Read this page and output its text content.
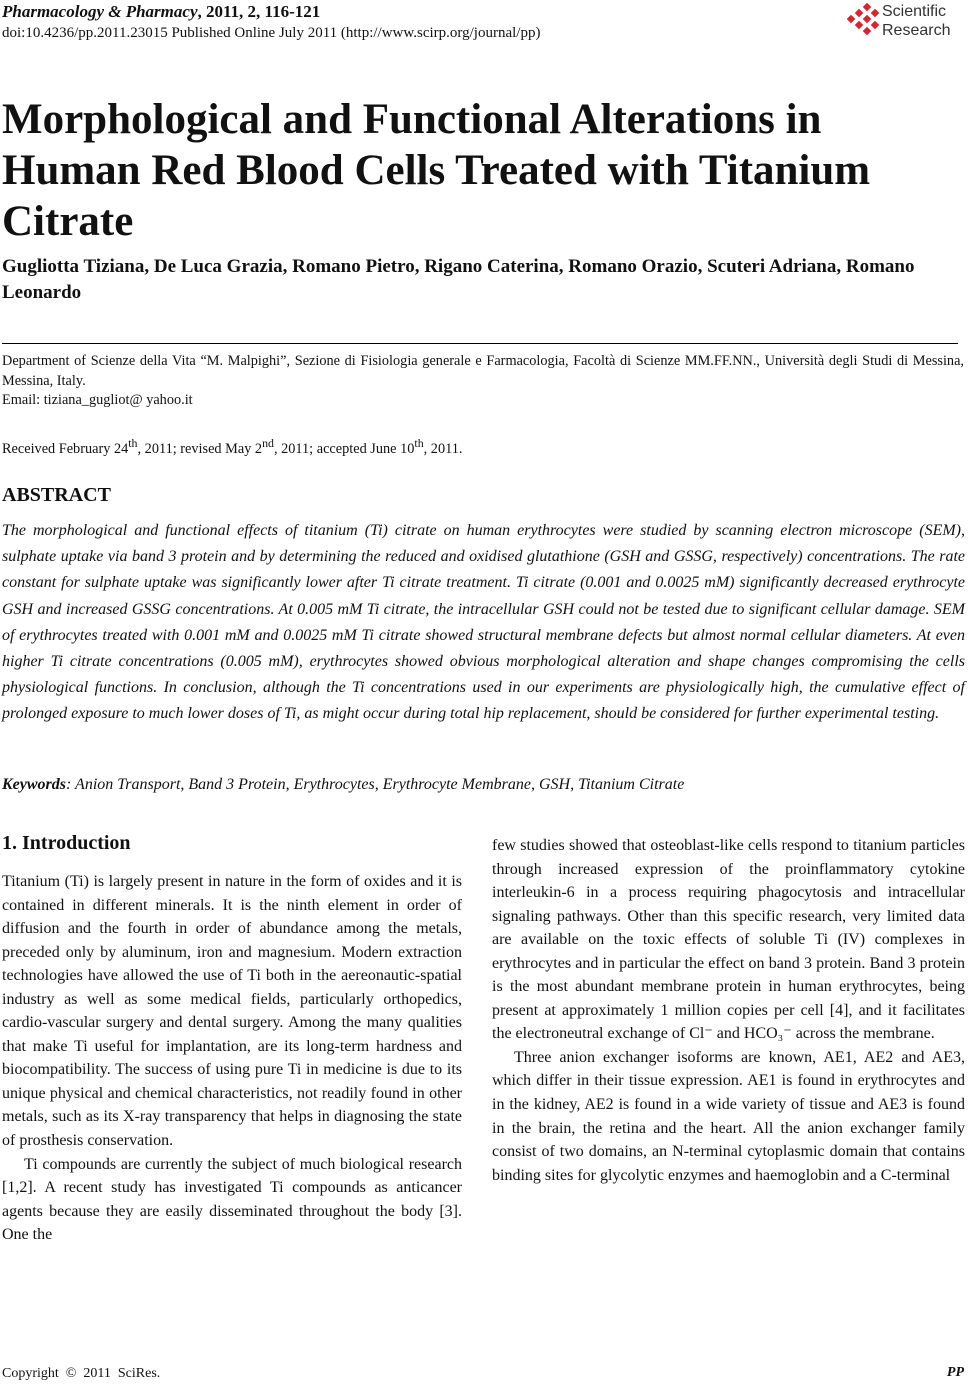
Pharmacology & Pharmacy, 2011, 2, 116-121
doi:10.4236/pp.2011.23015 Published Online July 2011 (http://www.scirp.org/journal/pp)
Scientific Research
Morphological and Functional Alterations in Human Red Blood Cells Treated with Titanium Citrate
Gugliotta Tiziana, De Luca Grazia, Romano Pietro, Rigano Caterina, Romano Orazio, Scuteri Adriana, Romano Leonardo
Department of Scienze della Vita “M. Malpighi”, Sezione di Fisiologia generale e Farmacologia, Facoltà di Scienze MM.FF.NN., Università degli Studi di Messina, Messina, Italy.
Email: tiziana_gugliot@ yahoo.it
Received February 24th, 2011; revised May 2nd, 2011; accepted June 10th, 2011.
ABSTRACT
The morphological and functional effects of titanium (Ti) citrate on human erythrocytes were studied by scanning electron microscope (SEM), sulphate uptake via band 3 protein and by determining the reduced and oxidised glutathione (GSH and GSSG, respectively) concentrations. The rate constant for sulphate uptake was significantly lower after Ti citrate treatment. Ti citrate (0.001 and 0.0025 mM) significantly decreased erythrocyte GSH and increased GSSG concentrations. At 0.005 mM Ti citrate, the intracellular GSH could not be tested due to significant cellular damage. SEM of erythrocytes treated with 0.001 mM and 0.0025 mM Ti citrate showed structural membrane defects but almost normal cellular diameters. At even higher Ti citrate concentrations (0.005 mM), erythrocytes showed obvious morphological alteration and shape changes compromising the cells physiological functions. In conclusion, although the Ti concentrations used in our experiments are physiologically high, the cumulative effect of prolonged exposure to much lower doses of Ti, as might occur during total hip replacement, should be considered for further experimental testing.
Keywords: Anion Transport, Band 3 Protein, Erythrocytes, Erythrocyte Membrane, GSH, Titanium Citrate
1. Introduction

Titanium (Ti) is largely present in nature in the form of oxides and it is contained in different minerals. It is the ninth element in order of diffusion and the fourth in order of abundance among the metals, preceded only by aluminum, iron and magnesium. Modern extraction technologies have allowed the use of Ti both in the aereonautic-spatial industry as well as some medical fields, particularly orthopedics, cardio-vascular surgery and dental surgery. Among the many qualities that make Ti useful for implantation, are its long-term hardness and biocompatibility. The success of using pure Ti in medicine is due to its unique physical and chemical characteristics, not readily found in other metals, such as its X-ray transparency that helps in diagnosing the state of prosthesis conservation.

Ti compounds are currently the subject of much biological research [1,2]. A recent study has investigated Ti compounds as anticancer agents because they are easily disseminated throughout the body [3]. One the

few studies showed that osteoblast-like cells respond to titanium particles through increased expression of the proinflammatory cytokine interleukin-6 in a process requiring phagocytosis and intracellular signaling pathways. Other than this specific research, very limited data are available on the toxic effects of soluble Ti (IV) complexes in erythrocytes and in particular the effect on band 3 protein. Band 3 protein is the most abundant membrane protein in human erythrocytes, being present at approximately 1 million copies per cell [4], and it facilitates the electroneutral exchange of Cl⁻ and HCO₃⁻ across the membrane.

Three anion exchanger isoforms are known, AE1, AE2 and AE3, which differ in their tissue expression. AE1 is found in erythrocytes and in the kidney, AE2 is found in a wide variety of tissue and AE3 is found in the brain, the retina and the heart. All the anion exchanger family consist of two domains, an N-terminal cytoplasmic domain that contains binding sites for glycolytic enzymes and haemoglobin and a C-terminal

Copyright  ©  2011  SciRes.	PP
